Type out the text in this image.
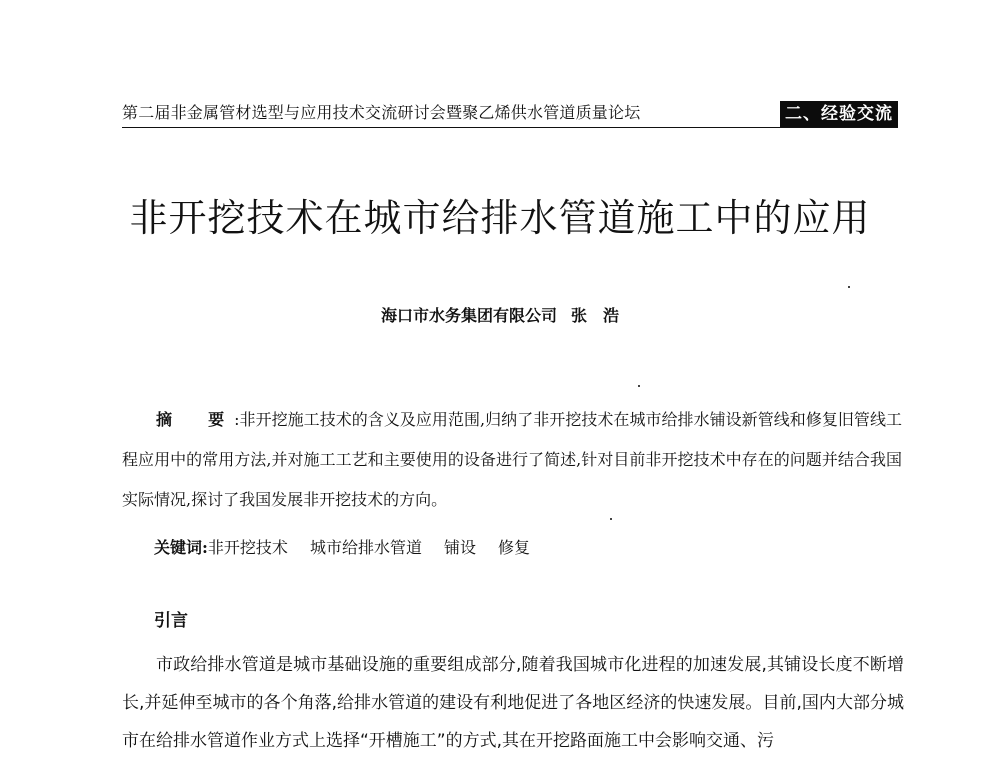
第二届非金属管材选型与应用技术交流研讨会暨聚乙烯供水管道质量论坛	二、经验交流
非开挖技术在城市给排水管道施工中的应用
海口市水务集团有限公司 张　浩
摘　要:非开挖施工技术的含义及应用范围,归纳了非开挖技术在城市给排水铺设新管线和修复旧管线工程应用中的常用方法,并对施工工艺和主要使用的设备进行了简述,针对目前非开挖技术中存在的问题并结合我国实际情况,探讨了我国发展非开挖技术的方向。
关键词:非开挖技术 城市给排水管道 铺设 修复
引言
市政给排水管道是城市基础设施的重要组成部分,随着我国城市化进程的加速发展,其铺设长度不断增长,并延伸至城市的各个角落,给排水管道的建设有利地促进了各地区经济的快速发展。目前,国内大部分城市在给排水管道作业方式上选择“开槽施工”的方式,其在开挖路面施工中会影响交通、污
